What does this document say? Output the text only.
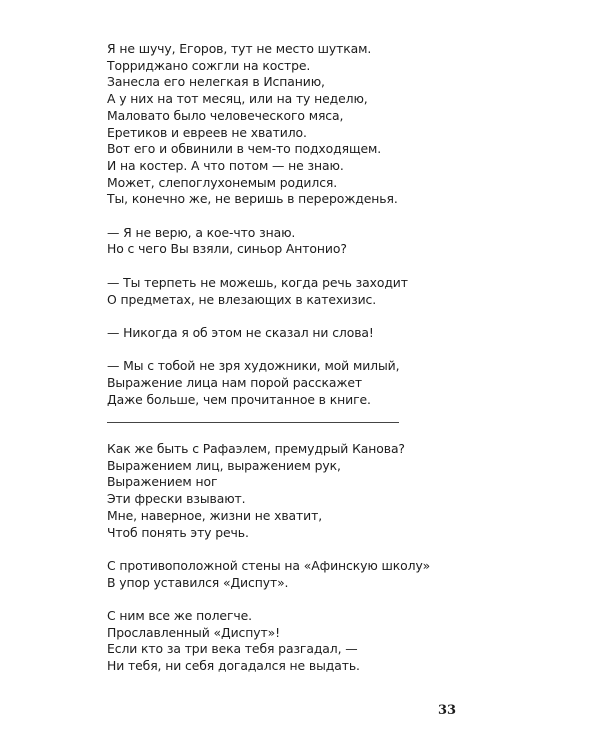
Я не шучу, Егоров, тут не место шуткам.
Торриджано сожгли на костре.
Занесла его нелегкая в Испанию,
А у них на тот месяц, или на ту неделю,
Маловато было человеческого мяса,
Еретиков и евреев не хватило.
Вот его и обвинили в чем-то подходящем.
И на костер. А что потом — не знаю.
Может, слепоглухонемым родился.
Ты, конечно же, не веришь в перерожденья.
— Я не верю, а кое-что знаю.
Но с чего Вы взяли, синьор Антонио?
— Ты терпеть не можешь, когда речь заходит
О предметах, не влезающих в катехизис.
— Никогда я об этом не сказал ни слова!
— Мы с тобой не зря художники, мой милый,
Выражение лица нам порой расскажет
Даже больше, чем прочитанное в книге.
Как же быть с Рафаэлем, премудрый Канова?
Выражением лиц, выражением рук,
Выражением ног
Эти фрески взывают.
Мне, наверное, жизни не хватит,
Чтоб понять эту речь.
С противоположной стены на «Афинскую школу»
В упор уставился «Диспут».
С ним все же полегче.
Прославленный «Диспут»!
Если кто за три века тебя разгадал, —
Ни тебя, ни себя догадался не выдать.
33
